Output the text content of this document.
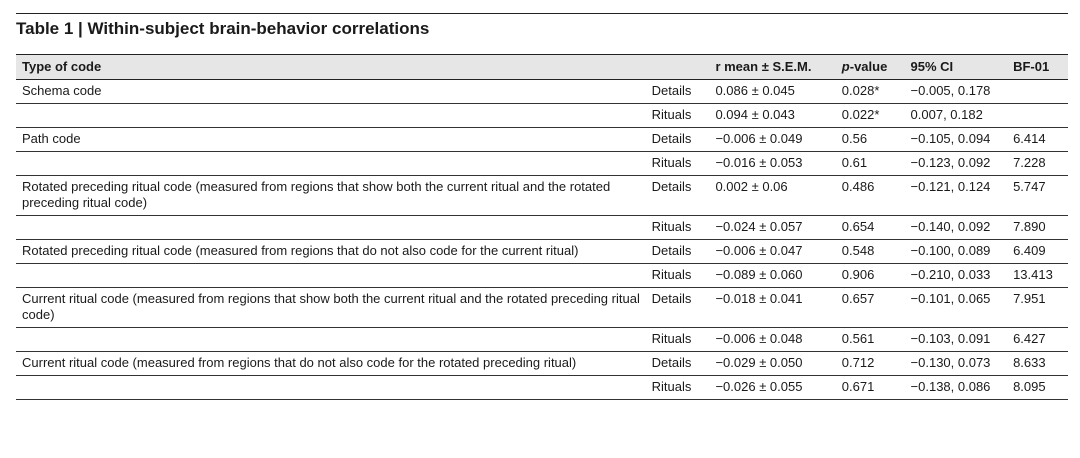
Table 1 | Within-subject brain-behavior correlations
Type of code		r mean ± S.E.M.	p-value	95% CI	BF-01
Schema code	Details	0.086 ± 0.045	0.028*	−0.005, 0.178	
	Rituals	0.094 ± 0.043	0.022*	0.007, 0.182	
Path code	Details	−0.006 ± 0.049	0.56	−0.105, 0.094	6.414
	Rituals	−0.016 ± 0.053	0.61	−0.123, 0.092	7.228
Rotated preceding ritual code (measured from regions that show both the current ritual and the rotated preceding ritual code)	Details	0.002 ± 0.06	0.486	−0.121, 0.124	5.747
	Rituals	−0.024 ± 0.057	0.654	−0.140, 0.092	7.890
Rotated preceding ritual code (measured from regions that do not also code for the current ritual)	Details	−0.006 ± 0.047	0.548	−0.100, 0.089	6.409
	Rituals	−0.089 ± 0.060	0.906	−0.210, 0.033	13.413
Current ritual code (measured from regions that show both the current ritual and the rotated preceding ritual code)	Details	−0.018 ± 0.041	0.657	−0.101, 0.065	7.951
	Rituals	−0.006 ± 0.048	0.561	−0.103, 0.091	6.427
Current ritual code (measured from regions that do not also code for the rotated preceding ritual)	Details	−0.029 ± 0.050	0.712	−0.130, 0.073	8.633
	Rituals	−0.026 ± 0.055	0.671	−0.138, 0.086	8.095
